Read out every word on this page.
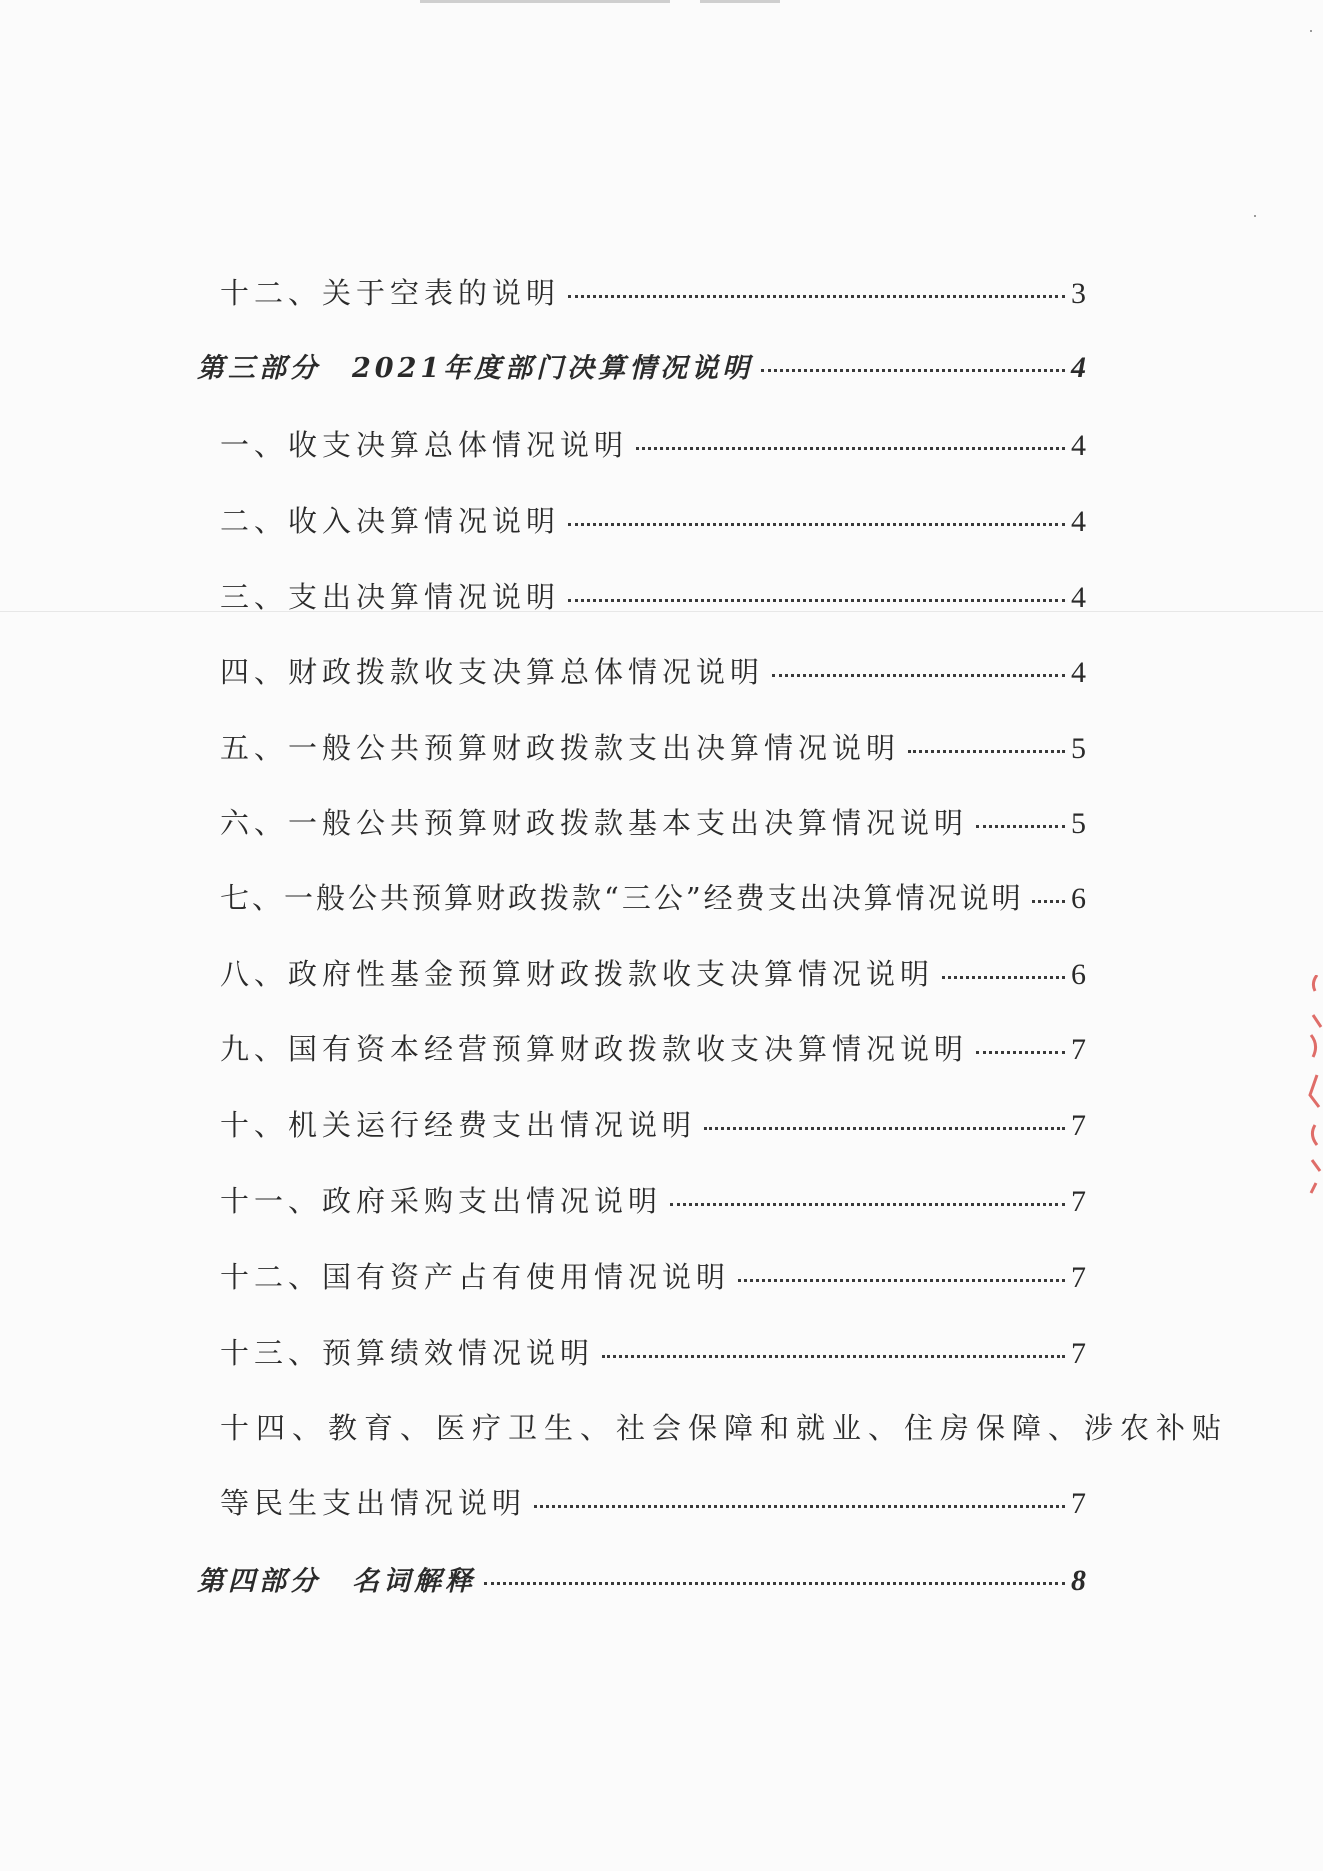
十二、关于空表的说明	3
第三部分　2021年度部门决算情况说明	4
一、收支决算总体情况说明	4
二、收入决算情况说明	4
三、支出决算情况说明	4
四、财政拨款收支决算总体情况说明	4
五、一般公共预算财政拨款支出决算情况说明	5
六、一般公共预算财政拨款基本支出决算情况说明	5
七、一般公共预算财政拨款“三公”经费支出决算情况说明 6
八、政府性基金预算财政拨款收支决算情况说明	6
九、国有资本经营预算财政拨款收支决算情况说明	7
十、机关运行经费支出情况说明	7
十一、政府采购支出情况说明	7
十二、国有资产占有使用情况说明	7
十三、预算绩效情况说明	7
十四、教育、医疗卫生、社会保障和就业、住房保障、涉农补贴
等民生支出情况说明	7
第四部分　名词解释	8
